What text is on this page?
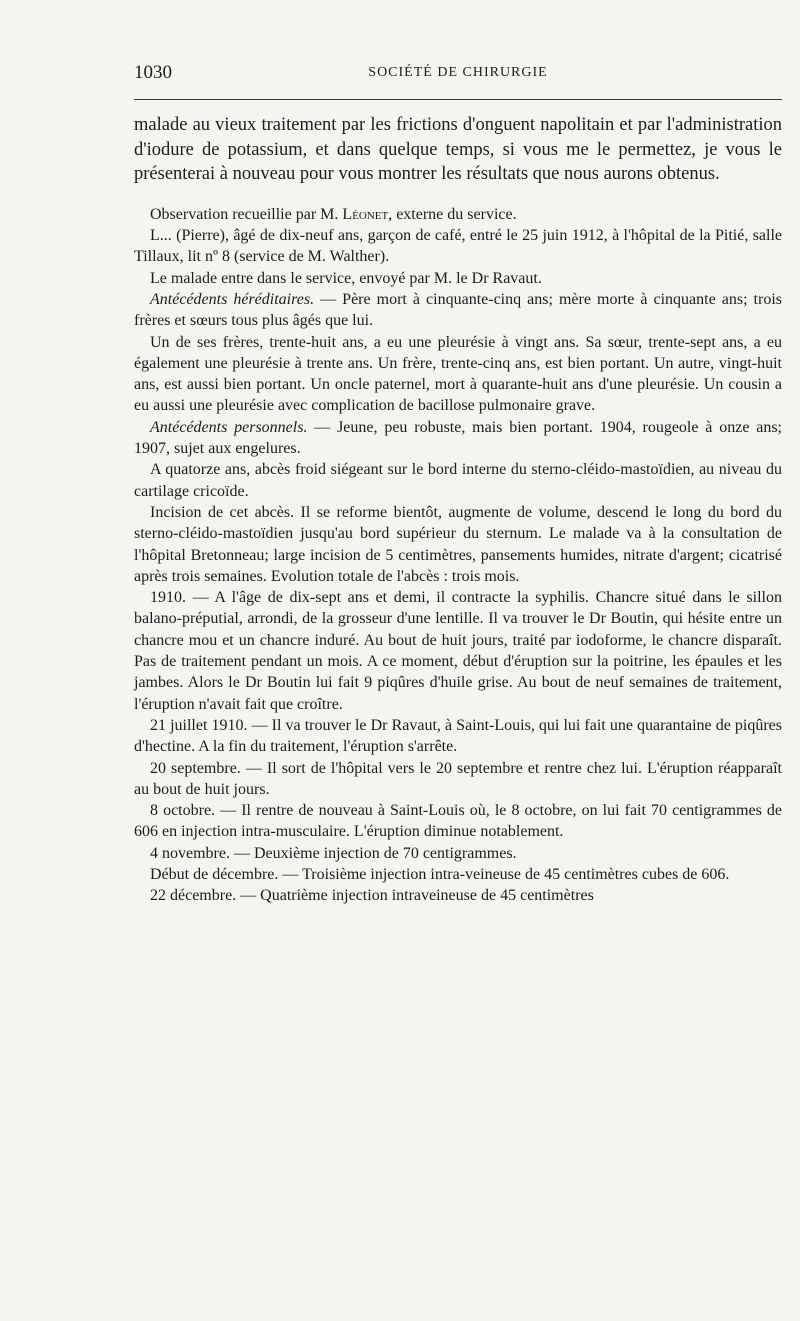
1030	SOCIÉTÉ DE CHIRURGIE

malade au vieux traitement par les frictions d'onguent napolitain et par l'administration d'iodure de potassium, et dans quelque temps, si vous me le permettez, je vous le présenterai à nouveau pour vous montrer les résultats que nous aurons obtenus.

Observation recueillie par M. Léonet, externe du service.

L... (Pierre), âgé de dix-neuf ans, garçon de café, entré le 25 juin 1912, à l'hôpital de la Pitié, salle Tillaux, lit nº 8 (service de M. Walther).

Le malade entre dans le service, envoyé par M. le Dr Ravaut.

Antécédents héréditaires. — Père mort à cinquante-cinq ans; mère morte à cinquante ans; trois frères et sœurs tous plus âgés que lui.

Un de ses frères, trente-huit ans, a eu une pleurésie à vingt ans. Sa sœur, trente-sept ans, a eu également une pleurésie à trente ans. Un frère, trente-cinq ans, est bien portant. Un autre, vingt-huit ans, est aussi bien portant. Un oncle paternel, mort à quarante-huit ans d'une pleurésie. Un cousin a eu aussi une pleurésie avec complication de bacillose pulmonaire grave.

Antécédents personnels. — Jeune, peu robuste, mais bien portant. 1904, rougeole à onze ans; 1907, sujet aux engelures.

A quatorze ans, abcès froid siégeant sur le bord interne du sterno-cléido-mastoïdien, au niveau du cartilage cricoïde.

Incision de cet abcès. Il se reforme bientôt, augmente de volume, descend le long du bord du sterno-cléido-mastoïdien jusqu'au bord supérieur du sternum. Le malade va à la consultation de l'hôpital Bretonneau; large incision de 5 centimètres, pansements humides, nitrate d'argent; cicatrisé après trois semaines. Evolution totale de l'abcès : trois mois.

1910. — A l'âge de dix-sept ans et demi, il contracte la syphilis. Chancre situé dans le sillon balano-préputial, arrondi, de la grosseur d'une lentille. Il va trouver le Dr Boutin, qui hésite entre un chancre mou et un chancre induré. Au bout de huit jours, traité par iodoforme, le chancre disparaît. Pas de traitement pendant un mois. A ce moment, début d'éruption sur la poitrine, les épaules et les jambes. Alors le Dr Boutin lui fait 9 piqûres d'huile grise. Au bout de neuf semaines de traitement, l'éruption n'avait fait que croître.

21 juillet 1910. — Il va trouver le Dr Ravaut, à Saint-Louis, qui lui fait une quarantaine de piqûres d'hectine. A la fin du traitement, l'éruption s'arrête.

20 septembre. — Il sort de l'hôpital vers le 20 septembre et rentre chez lui. L'éruption réapparaît au bout de huit jours.

8 octobre. — Il rentre de nouveau à Saint-Louis où, le 8 octobre, on lui fait 70 centigrammes de 606 en injection intra-musculaire. L'éruption diminue notablement.

4 novembre. — Deuxième injection de 70 centigrammes.

Début de décembre. — Troisième injection intra-veineuse de 45 centimètres cubes de 606.

22 décembre. — Quatrième injection intraveineuse de 45 centimètres
